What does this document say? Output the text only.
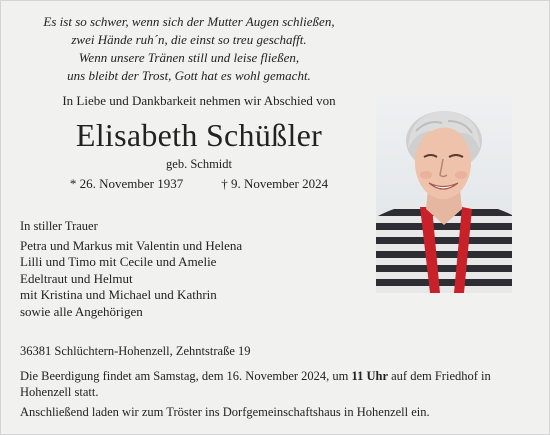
Es ist so schwer, wenn sich der Mutter Augen schließen,
zwei Hände ruh´n, die einst so treu geschafft.
Wenn unsere Tränen still und leise fließen,
uns bleibt der Trost, Gott hat es wohl gemacht.
In Liebe und Dankbarkeit nehmen wir Abschied von
Elisabeth Schüßler
geb. Schmidt
* 26. November 1937	† 9. November 2024
In stiller Trauer
Petra und Markus mit Valentin und Helena
Lilli und Timo mit Cecile und Amelie
Edeltraut und Helmut
mit Kristina und Michael und Kathrin
sowie alle Angehörigen
36381 Schlüchtern-Hohenzell, Zehntstraße 19
Die Beerdigung findet am Samstag, dem 16. November 2024, um 11 Uhr auf dem Friedhof in Hohenzell statt.
Anschließend laden wir zum Tröster ins Dorfgemeinschaftshaus in Hohenzell ein.
